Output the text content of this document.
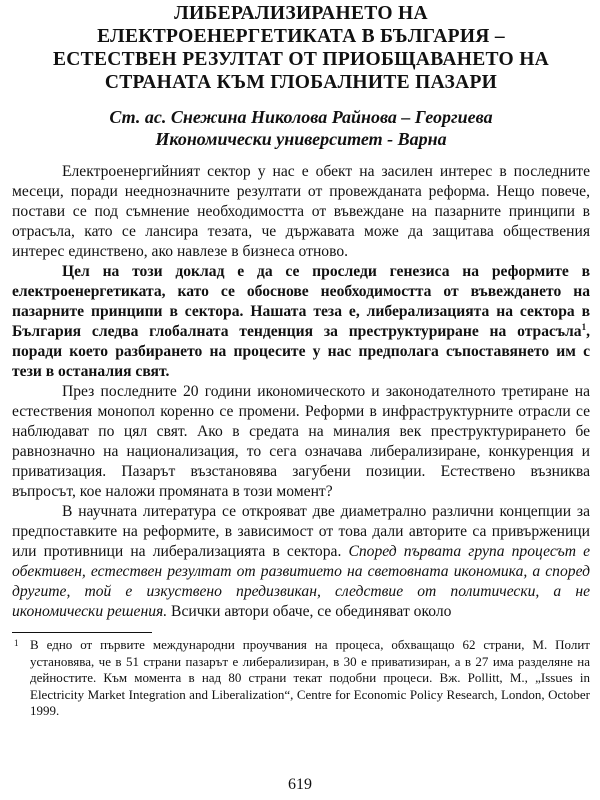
ЛИБЕРАЛИЗИРАНЕТО НА
ЕЛЕКТРОЕНЕРГЕТИКАТА В БЪЛГАРИЯ –
ЕСТЕСТВЕН РЕЗУЛТАТ ОТ ПРИОБЩАВАНЕТО НА
СТРАНАТА КЪМ ГЛОБАЛНИТЕ ПАЗАРИ
Ст. ас. Снежина Николова Райнова – Георгиева
Икономически университет - Варна

Електроенергийният сектор у нас е обект на засилен интерес в последните месеци, поради нееднозначните резултати от провежданата реформа. Нещо повече, постави се под съмнение необходимостта от въвеждане на пазарните принципи в отрасъла, като се лансира тезата, че държавата може да защитава обществения интерес единствено, ако навлезе в бизнеса отново.

Цел на този доклад е да се проследи генезиса на реформите в електроенергетиката, като се обоснове необходимостта от въвеждането на пазарните принципи в сектора. Нашата теза е, либерализацията на сектора в България следва глобалната тенденция за преструктуриране на отрасъла$^1$, поради което разбирането на процесите у нас предполага съпоставянето им с тези в останалия свят.

През последните 20 години икономическото и законодателното третиране на естествения монопол коренно се промени. Реформи в инфраструктурните отрасли се наблюдават по цял свят. Ако в средата на миналия век преструктурирането бе равнозначно на национализация, то сега означава либерализиране, конкуренция и приватизация. Пазарът възстановява загубени позиции. Естествено възниква въпросът, кое наложи промяната в този момент?

В научната литература се открояват две диаметрално различни концепции за предпоставките на реформите, в зависимост от това дали авторите са привърженици или противници на либерализацията в сектора. Според първата група процесът е обективен, естествен резултат от развитието на световната икономика, а според другите, той е изкуствено предизвикан, следствие от политически, а не икономически решения. Всички автори обаче, се обединяват около

1 В едно от първите международни проучвания на процеса, обхващащо 62 страни, М. Полит установява, че в 51 страни пазарът е либерализиран, в 30 е приватизиран, а в 27 има разделяне на дейностите. Към момента в над 80 страни текат подобни процеси. Вж. Pollitt, M., „Issues in Electricity Market Integration and Liberalization“, Centre for Economic Policy Research, London, October 1999.
619
